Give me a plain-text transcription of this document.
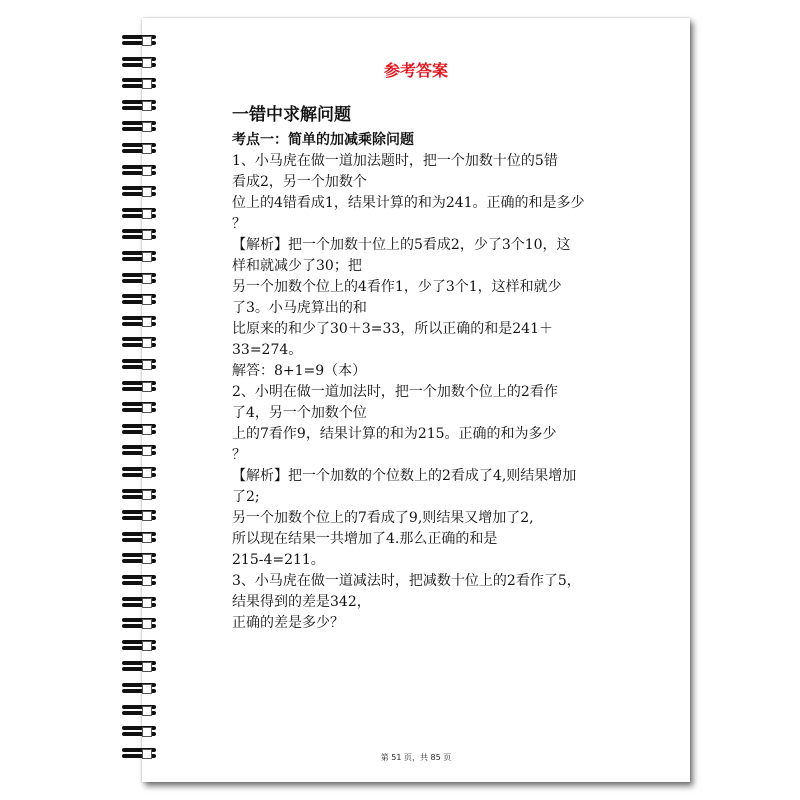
参考答案
一错中求解问题
考点一：简单的加减乘除问题
1、小马虎在做一道加法题时，把一个加数十位的5错
看成2，另一个加数个
位上的4错看成1，结果计算的和为241。正确的和是多少
？
【解析】把一个加数十位上的5看成2，少了3个10，这
样和就减少了30；把
另一个加数个位上的4看作1，少了3个1，这样和就少
了3。小马虎算出的和
比原来的和少了30＋3=33，所以正确的和是241＋
33=274。
解答：8+1=9（本）
2、小明在做一道加法时，把一个加数个位上的2看作
了4，另一个加数个位
上的7看作9，结果计算的和为215。正确的和为多少
？
【解析】把一个加数的个位数上的2看成了4,则结果增加
了2;
另一个加数个位上的7看成了9,则结果又增加了2,
所以现在结果一共增加了4.那么正确的和是
215-4=211。
3、小马虎在做一道减法时，把减数十位上的2看作了5，
结果得到的差是342，
正确的差是多少？
第 51 页，共 85 页
